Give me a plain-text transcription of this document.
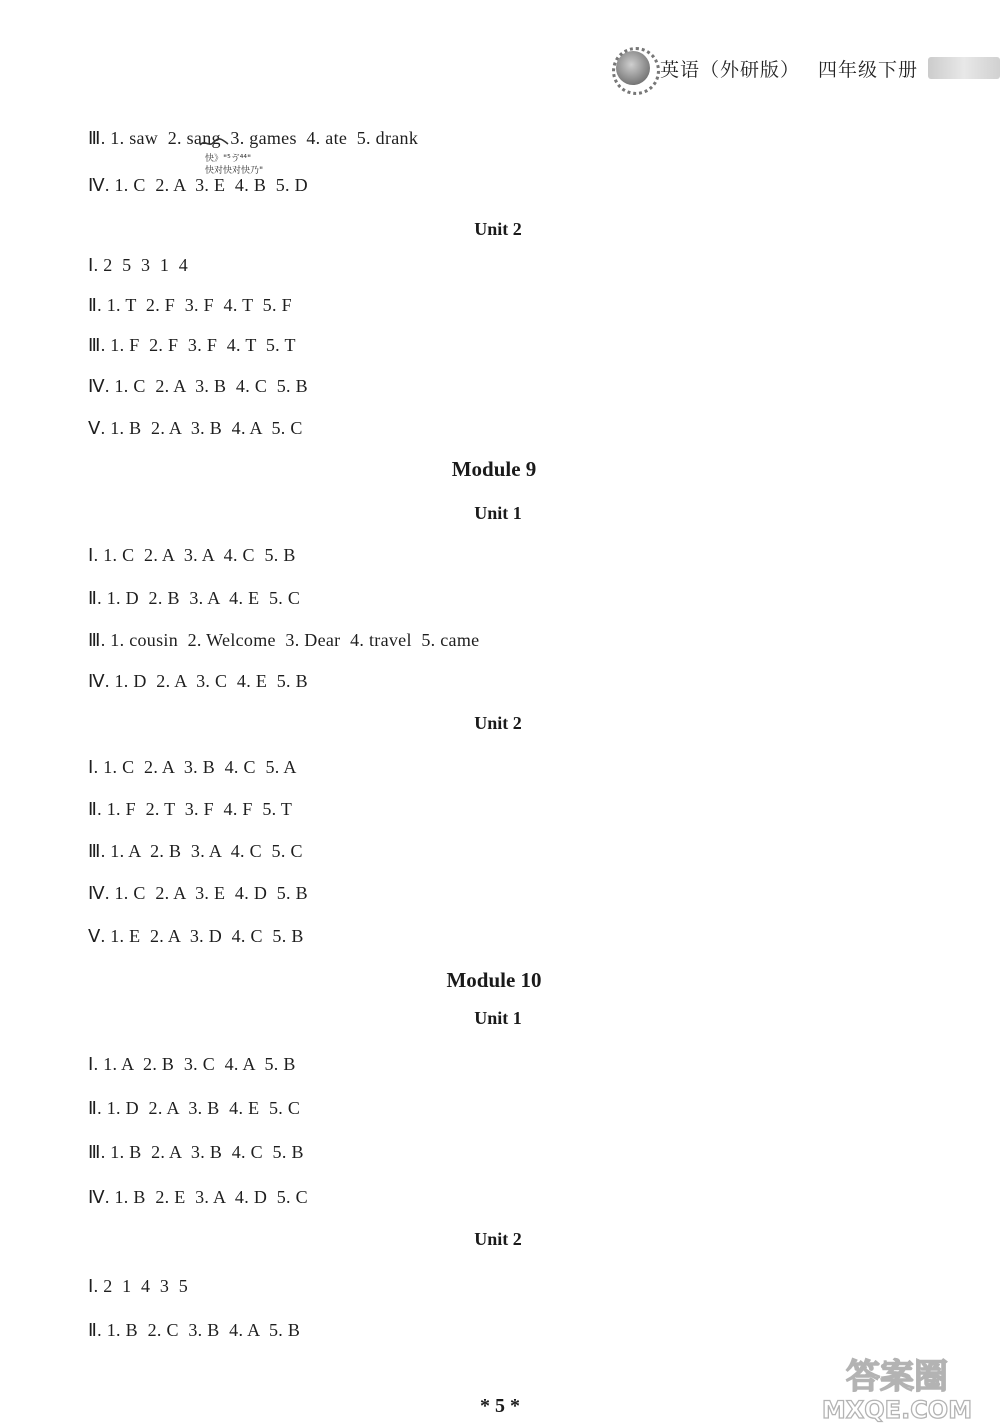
英语（外研版） 四年级下册
Ⅲ. 1. saw  2. sang  3. games  4. ate  5. drank
快》"⁵ゔ⁴⁴"
快对快对快乃"
Ⅳ. 1. C  2. A  3. E  4. B  5. D
Unit 2
Ⅰ. 2  5  3  1  4
Ⅱ. 1. T  2. F  3. F  4. T  5. F
Ⅲ. 1. F  2. F  3. F  4. T  5. T
Ⅳ. 1. C  2. A  3. B  4. C  5. B
Ⅴ. 1. B  2. A  3. B  4. A  5. C
Module 9
Unit 1
Ⅰ. 1. C  2. A  3. A  4. C  5. B
Ⅱ. 1. D  2. B  3. A  4. E  5. C
Ⅲ. 1. cousin  2. Welcome  3. Dear  4. travel  5. came
Ⅳ. 1. D  2. A  3. C  4. E  5. B
Unit 2
Ⅰ. 1. C  2. A  3. B  4. C  5. A
Ⅱ. 1. F  2. T  3. F  4. F  5. T
Ⅲ. 1. A  2. B  3. A  4. C  5. C
Ⅳ. 1. C  2. A  3. E  4. D  5. B
Ⅴ. 1. E  2. A  3. D  4. C  5. B
Module 10
Unit 1
Ⅰ. 1. A  2. B  3. C  4. A  5. B
Ⅱ. 1. D  2. A  3. B  4. E  5. C
Ⅲ. 1. B  2. A  3. B  4. C  5. B
Ⅳ. 1. B  2. E  3. A  4. D  5. C
Unit 2
Ⅰ. 2  1  4  3  5
Ⅱ. 1. B  2. C  3. B  4. A  5. B
* 5 *
答案圈
MXQE.COM
